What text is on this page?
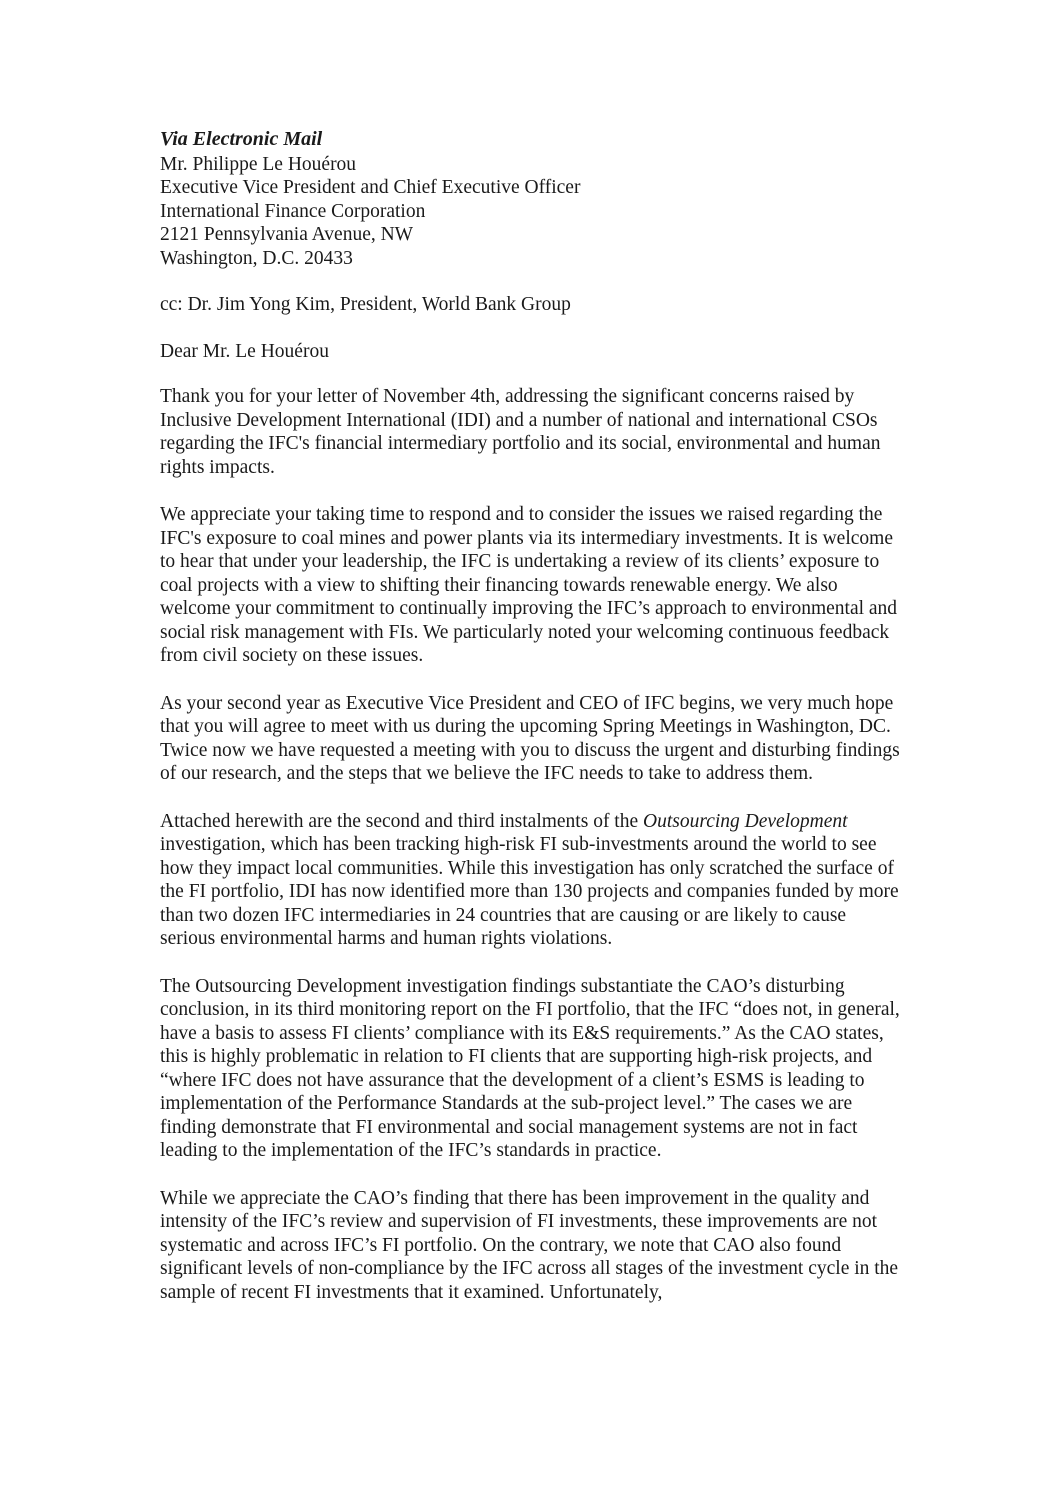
Via Electronic Mail
Mr. Philippe Le Houérou
Executive Vice President and Chief Executive Officer
International Finance Corporation
2121 Pennsylvania Avenue, NW
Washington, D.C. 20433
cc: Dr. Jim Yong Kim, President, World Bank Group
Dear Mr. Le Houérou

Thank you for your letter of November 4th, addressing the significant concerns raised by Inclusive Development International (IDI) and a number of national and international CSOs regarding the IFC's financial intermediary portfolio and its social, environmental and human rights impacts.

We appreciate your taking time to respond and to consider the issues we raised regarding the IFC's exposure to coal mines and power plants via its intermediary investments. It is welcome to hear that under your leadership, the IFC is undertaking a review of its clients’ exposure to coal projects with a view to shifting their financing towards renewable energy. We also welcome your commitment to continually improving the IFC’s approach to environmental and social risk management with FIs. We particularly noted your welcoming continuous feedback from civil society on these issues.

As your second year as Executive Vice President and CEO of IFC begins, we very much hope that you will agree to meet with us during the upcoming Spring Meetings in Washington, DC. Twice now we have requested a meeting with you to discuss the urgent and disturbing findings of our research, and the steps that we believe the IFC needs to take to address them.

Attached herewith are the second and third instalments of the Outsourcing Development investigation, which has been tracking high-risk FI sub-investments around the world to see how they impact local communities. While this investigation has only scratched the surface of the FI portfolio, IDI has now identified more than 130 projects and companies funded by more than two dozen IFC intermediaries in 24 countries that are causing or are likely to cause serious environmental harms and human rights violations.

The Outsourcing Development investigation findings substantiate the CAO’s disturbing conclusion, in its third monitoring report on the FI portfolio, that the IFC “does not, in general, have a basis to assess FI clients’ compliance with its E&S requirements.” As the CAO states, this is highly problematic in relation to FI clients that are supporting high-risk projects, and “where IFC does not have assurance that the development of a client’s ESMS is leading to implementation of the Performance Standards at the sub-project level.” The cases we are finding demonstrate that FI environmental and social management systems are not in fact leading to the implementation of the IFC’s standards in practice.

While we appreciate the CAO’s finding that there has been improvement in the quality and intensity of the IFC’s review and supervision of FI investments, these improvements are not systematic and across IFC’s FI portfolio. On the contrary, we note that CAO also found significant levels of non-compliance by the IFC across all stages of the investment cycle in the sample of recent FI investments that it examined. Unfortunately,
